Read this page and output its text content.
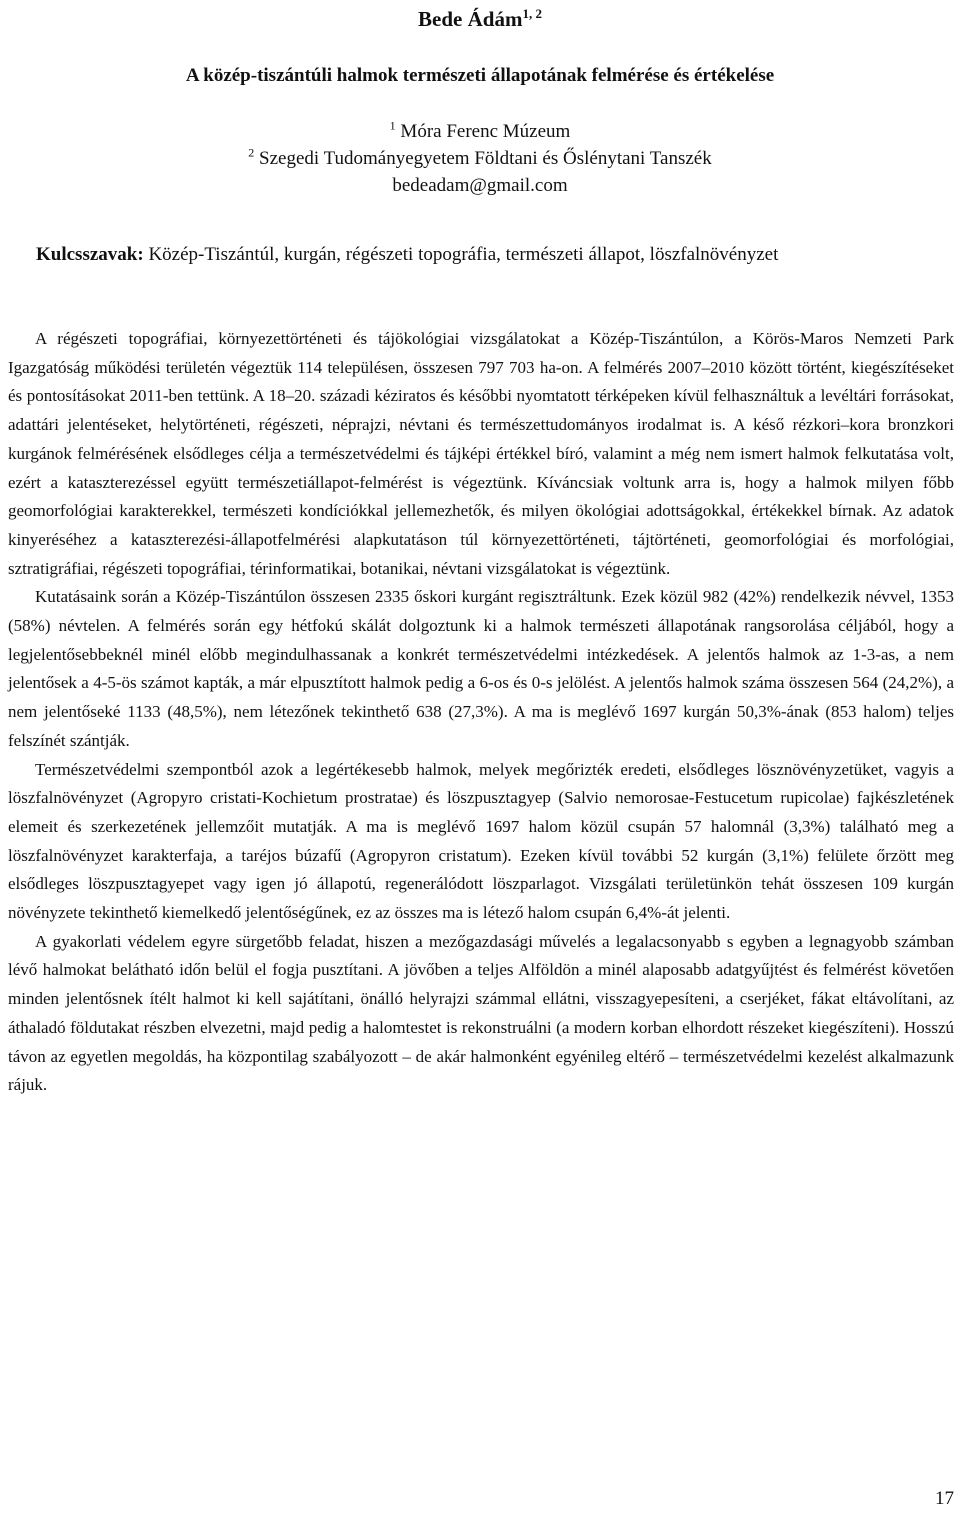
Bede Ádám$^{1, 2}$
A közép-tiszántúli halmok természeti állapotának felmérése és értékelése
$^1$ Móra Ferenc Múzeum
$^2$ Szegedi Tudományegyetem Földtani és Őslénytani Tanszék
bedeadam@gmail.com

Kulcsszavak: Közép-Tiszántúl, kurgán, régészeti topográfia, természeti állapot, löszfalnövényzet

A régészeti topográfiai, környezettörténeti és tájökológiai vizsgálatokat a Közép-Tiszántúlon, a Körös-Maros Nemzeti Park Igazgatóság működési területén végeztük 114 településen, összesen 797 703 ha-on. A felmérés 2007–2010 között történt, kiegészítéseket és pontosításokat 2011-ben tettünk. A 18–20. századi kéziratos és későbbi nyomtatott térképeken kívül felhasználtuk a levéltári forrásokat, adattári jelentéseket, helytörténeti, régészeti, néprajzi, névtani és természettudományos irodalmat is. A késő rézkori–kora bronzkori kurgánok felmérésének elsődleges célja a természetvédelmi és tájképi értékkel bíró, valamint a még nem ismert halmok felkutatása volt, ezért a kataszterezéssel együtt természetiállapot-felmérést is végeztünk. Kíváncsiak voltunk arra is, hogy a halmok milyen főbb geomorfológiai karakterekkel, természeti kondíciókkal jellemezhetők, és milyen ökológiai adottságokkal, értékekkel bírnak. Az adatok kinyeréséhez a kataszterezési-állapotfelmérési alapkutatáson túl környezettörténeti, tájtörténeti, geomorfológiai és morfológiai, sztratigráfiai, régészeti topográfiai, térinformatikai, botanikai, névtani vizsgálatokat is végeztünk.

Kutatásaink során a Közép-Tiszántúlon összesen 2335 őskori kurgánt regisztráltunk. Ezek közül 982 (42%) rendelkezik névvel, 1353 (58%) névtelen. A felmérés során egy hétfokú skálát dolgoztunk ki a halmok természeti állapotának rangsorolása céljából, hogy a legjelentősebbeknél minél előbb megindulhassanak a konkrét természetvédelmi intézkedések. A jelentős halmok az 1-3-as, a nem jelentősek a 4-5-ös számot kapták, a már elpusztított halmok pedig a 6-os és 0-s jelölést. A jelentős halmok száma összesen 564 (24,2%), a nem jelentőseké 1133 (48,5%), nem létezőnek tekinthető 638 (27,3%). A ma is meglévő 1697 kurgán 50,3%-ának (853 halom) teljes felszínét szántják.

Természetvédelmi szempontból azok a legértékesebb halmok, melyek megőrizték eredeti, elsődleges lösznövényzetüket, vagyis a löszfalnövényzet (Agropyro cristati-Kochietum prostratae) és löszpusztagyep (Salvio nemorosae-Festucetum rupicolae) fajkészletének elemeit és szerkezetének jellemzőit mutatják. A ma is meglévő 1697 halom közül csupán 57 halomnál (3,3%) található meg a löszfalnövényzet karakterfaja, a taréjos búzafű (Agropyron cristatum). Ezeken kívül további 52 kurgán (3,1%) felülete őrzött meg elsődleges löszpusztagyepet vagy igen jó állapotú, regenerálódott löszparlagot. Vizsgálati területünkön tehát összesen 109 kurgán növényzete tekinthető kiemelkedő jelentőségűnek, ez az összes ma is létező halom csupán 6,4%-át jelenti.

A gyakorlati védelem egyre sürgetőbb feladat, hiszen a mezőgazdasági művelés a legalacsonyabb s egyben a legnagyobb számban lévő halmokat belátható időn belül el fogja pusztítani. A jövőben a teljes Alföldön a minél alaposabb adatgyűjtést és felmérést követően minden jelentősnek ítélt halmot ki kell sajátítani, önálló helyrajzi számmal ellátni, visszagyepesíteni, a cserjéket, fákat eltávolítani, az áthaladó földutakat részben elvezetni, majd pedig a halomtestet is rekonstruálni (a modern korban elhordott részeket kiegészíteni). Hosszú távon az egyetlen megoldás, ha központilag szabályozott – de akár halmonként egyénileg eltérő – természetvédelmi kezelést alkalmazunk rájuk.

17
